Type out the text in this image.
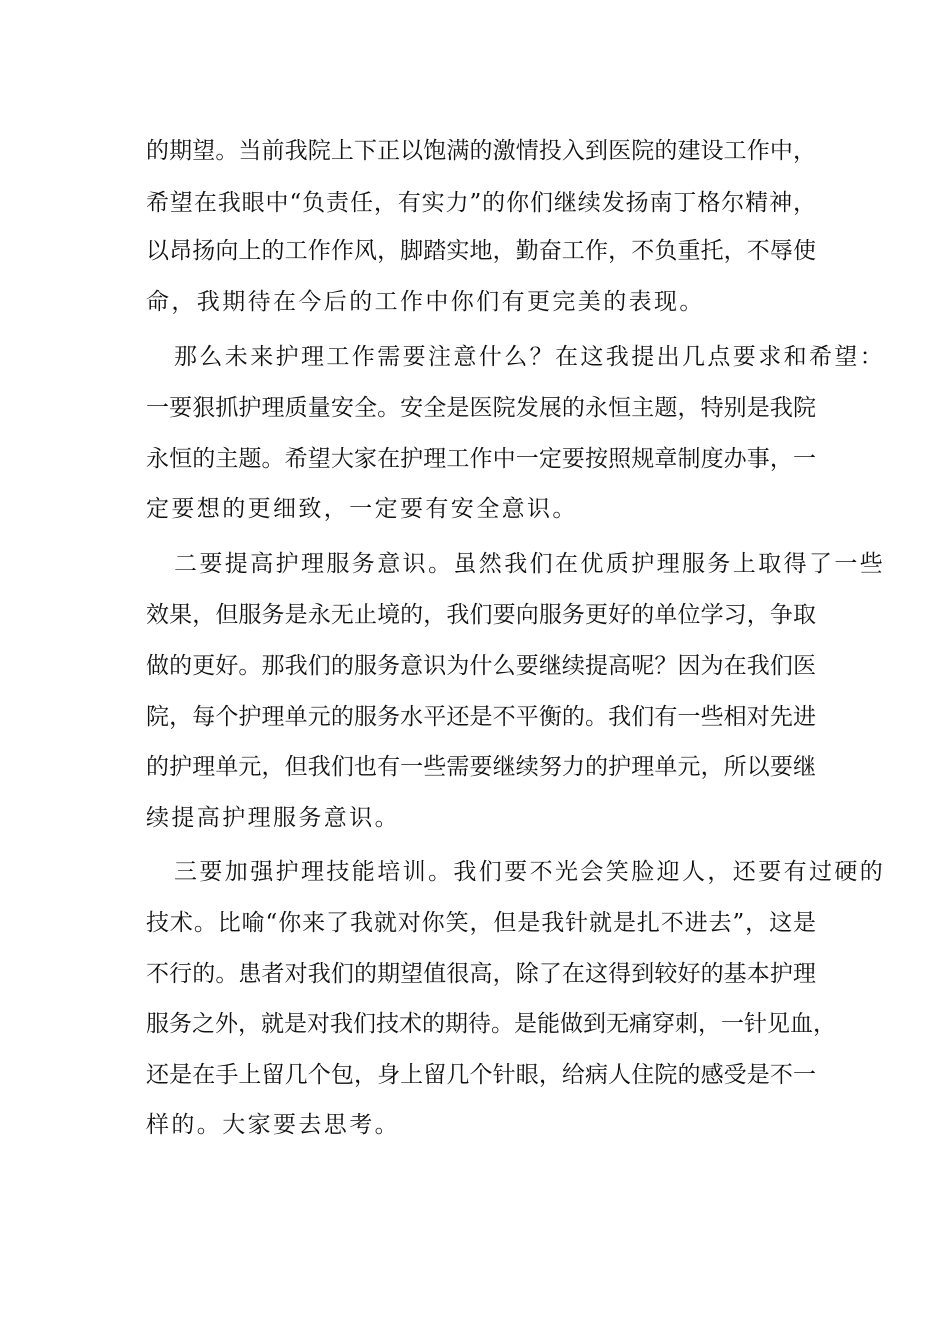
的期望。当前我院上下正以饱满的激情投入到医院的建设工作中，

希望在我眼中“负责任，有实力”的你们继续发扬南丁格尔精神，

以昂扬向上的工作作风，脚踏实地，勤奋工作，不负重托，不辱使

命，我期待在今后的工作中你们有更完美的表现。

那么未来护理工作需要注意什么？在这我提出几点要求和希望：

一要狠抓护理质量安全。安全是医院发展的永恒主题，特别是我院

永恒的主题。希望大家在护理工作中一定要按照规章制度办事，一

定要想的更细致，一定要有安全意识。

二要提高护理服务意识。虽然我们在优质护理服务上取得了一些

效果，但服务是永无止境的，我们要向服务更好的单位学习，争取

做的更好。那我们的服务意识为什么要继续提高呢？因为在我们医

院，每个护理单元的服务水平还是不平衡的。我们有一些相对先进

的护理单元，但我们也有一些需要继续努力的护理单元，所以要继

续提高护理服务意识。

三要加强护理技能培训。我们要不光会笑脸迎人，还要有过硬的

技术。比喻“你来了我就对你笑，但是我针就是扎不进去”，这是

不行的。患者对我们的期望值很高，除了在这得到较好的基本护理

服务之外，就是对我们技术的期待。是能做到无痛穿刺，一针见血，

还是在手上留几个包，身上留几个针眼，给病人住院的感受是不一

样的。大家要去思考。
